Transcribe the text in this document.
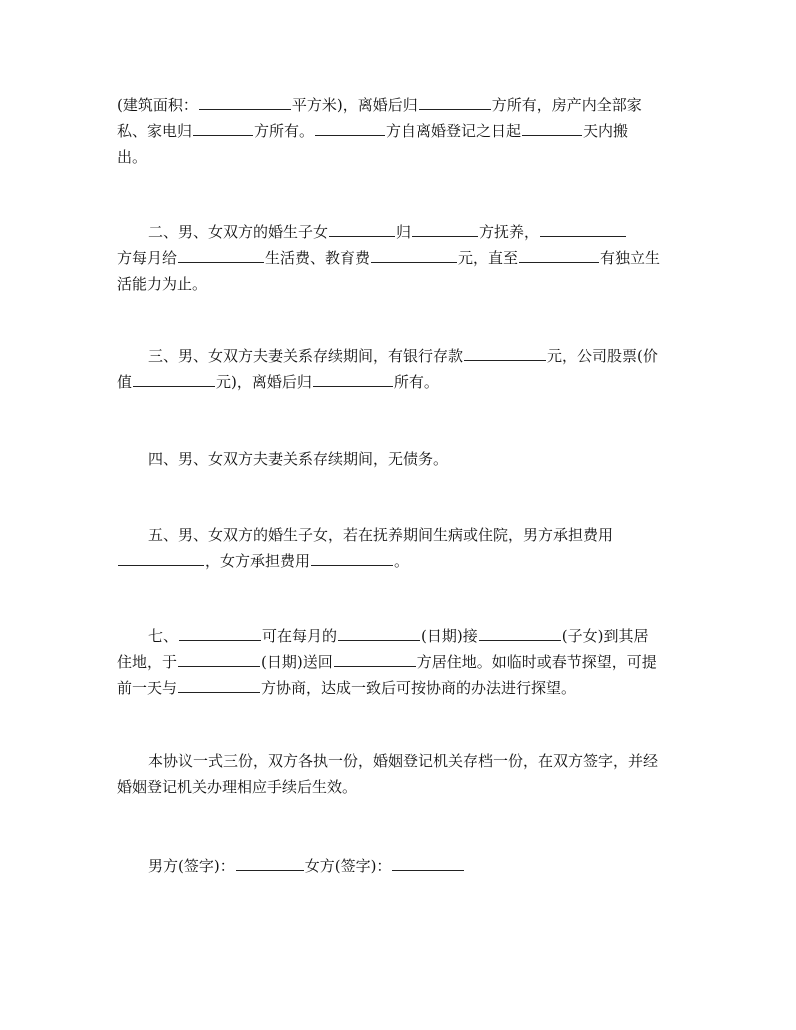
(建筑面积：	平方米)，离婚后归	方所有，房产内全部家
私、家电归	方所有。	方自离婚登记之日起	天内搬
出。
二、男、女双方的婚生子女	归	方抚养，
方每月给	生活费、教育费	元，直至	有独立生
活能力为止。
三、男、女双方夫妻关系存续期间，有银行存款	元，公司股票(价
值	元)，离婚后归	所有。
四、男、女双方夫妻关系存续期间，无债务。
五、男、女双方的婚生子女，若在抚养期间生病或住院，男方承担费用
，女方承担费用	。
七、	可在每月的	(日期)接	(子女)到其居
住地，于	(日期)送回	方居住地。如临时或春节探望，可提
前一天与	方协商，达成一致后可按协商的办法进行探望。
本协议一式三份，双方各执一份，婚姻登记机关存档一份，在双方签字，并经
婚姻登记机关办理相应手续后生效。
男方(签字)：	女方(签字)：
